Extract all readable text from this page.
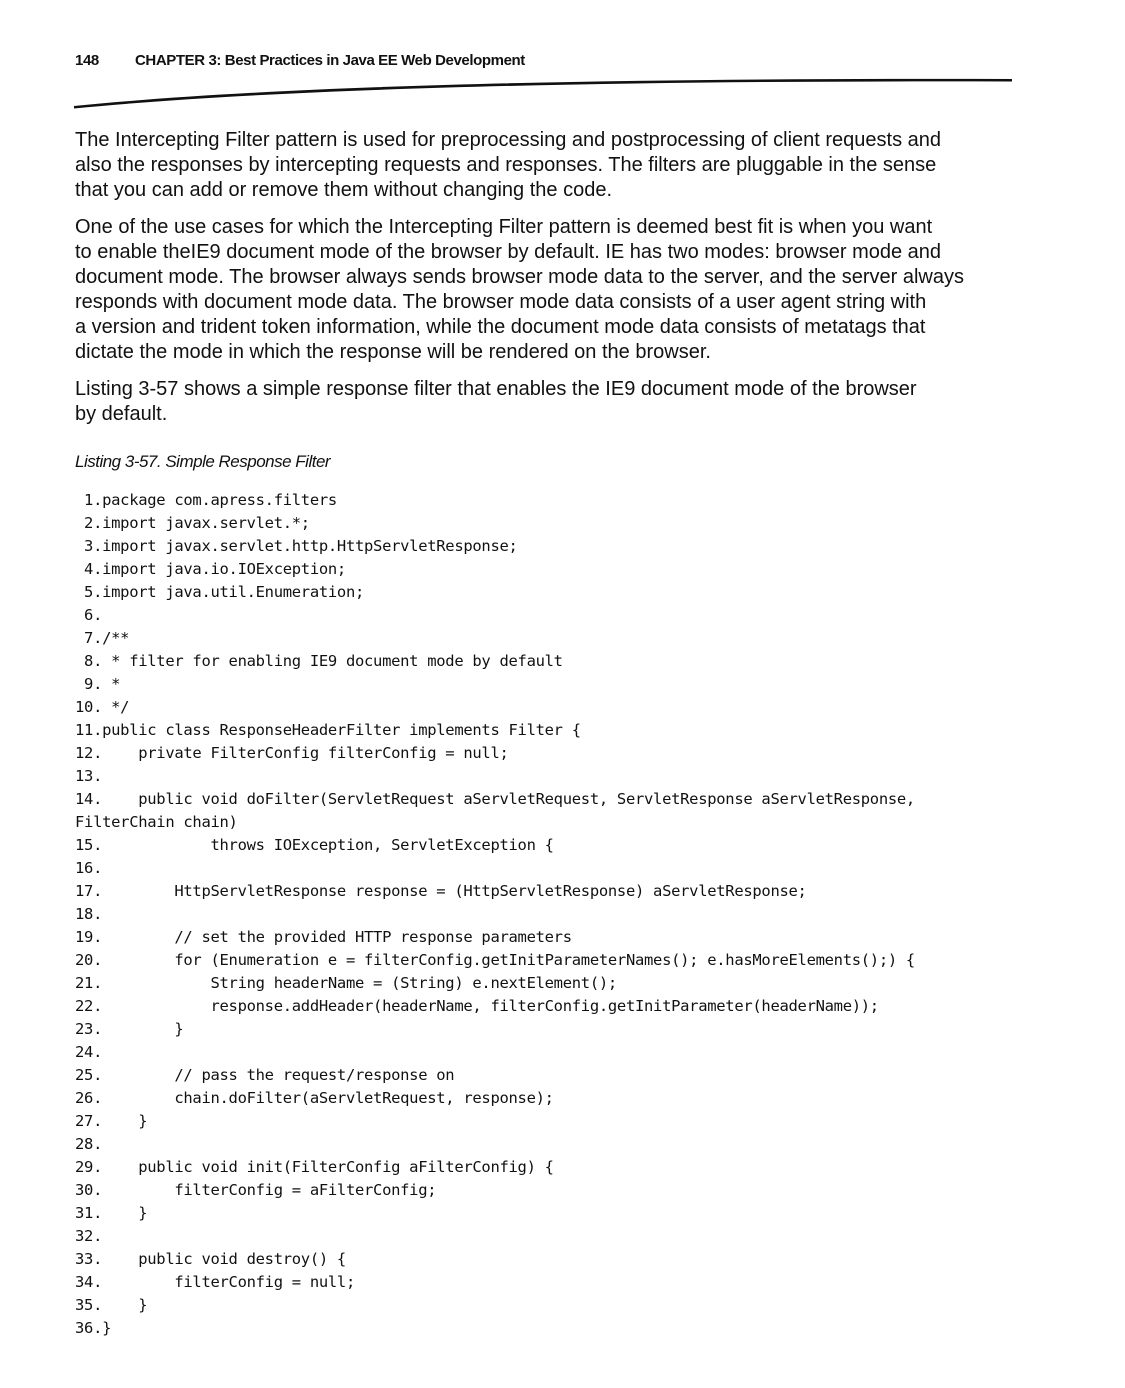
148 CHAPTER 3: Best Practices in Java EE Web Development

The Intercepting Filter pattern is used for preprocessing and postprocessing of client requests and
also the responses by intercepting requests and responses. The filters are pluggable in the sense
that you can add or remove them without changing the code.

One of the use cases for which the Intercepting Filter pattern is deemed best fit is when you want
to enable theIE9 document mode of the browser by default. IE has two modes: browser mode and
document mode. The browser always sends browser mode data to the server, and the server always
responds with document mode data. The browser mode data consists of a user agent string with
a version and trident token information, while the document mode data consists of metatags that
dictate the mode in which the response will be rendered on the browser.

Listing 3-57 shows a simple response filter that enables the IE9 document mode of the browser
by default.

Listing 3-57. Simple Response Filter
1.package com.apress.filters
2.import javax.servlet.*;
3.import javax.servlet.http.HttpServletResponse;
4.import java.io.IOException;
5.import java.util.Enumeration;
6.
7./**
8. * filter for enabling IE9 document mode by default
9. *
10. */
11.public class ResponseHeaderFilter implements Filter {
12.    private FilterConfig filterConfig = null;
13.
14.    public void doFilter(ServletRequest aServletRequest, ServletResponse aServletResponse,
FilterChain chain)
15.            throws IOException, ServletException {
16.
17.        HttpServletResponse response = (HttpServletResponse) aServletResponse;
18.
19.        // set the provided HTTP response parameters
20.        for (Enumeration e = filterConfig.getInitParameterNames(); e.hasMoreElements();) {
21.            String headerName = (String) e.nextElement();
22.            response.addHeader(headerName, filterConfig.getInitParameter(headerName));
23.        }
24.
25.        // pass the request/response on
26.        chain.doFilter(aServletRequest, response);
27.    }
28.
29.    public void init(FilterConfig aFilterConfig) {
30.        filterConfig = aFilterConfig;
31.    }
32.
33.    public void destroy() {
34.        filterConfig = null;
35.    }
36.}
